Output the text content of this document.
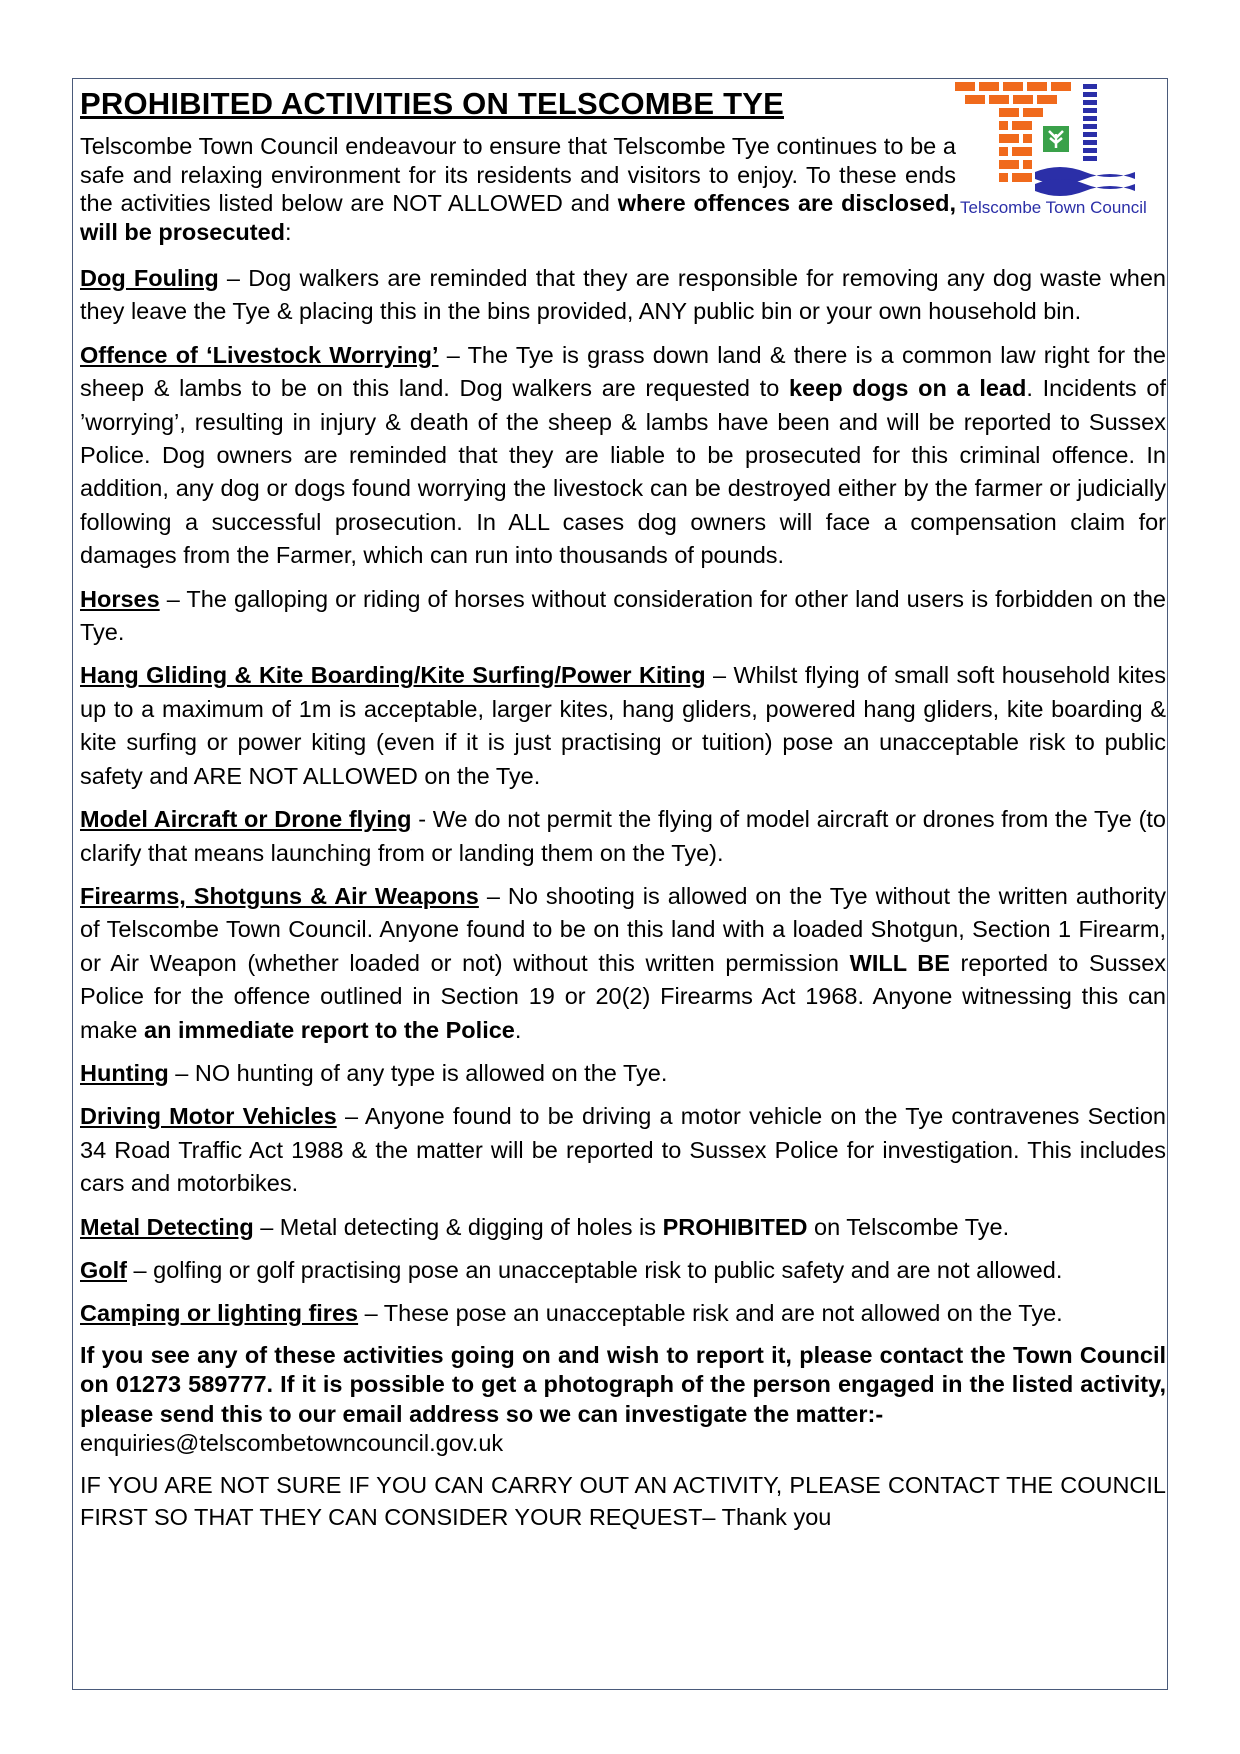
Telscombe Town Council
PROHIBITED ACTIVITIES ON TELSCOMBE TYE

Telscombe Town Council endeavour to ensure that Telscombe Tye continues to be a safe and relaxing environment for its residents and visitors to enjoy. To these ends the activities listed below are NOT ALLOWED and where offences are disclosed, will be prosecuted:

Dog Fouling – Dog walkers are reminded that they are responsible for removing any dog waste when they leave the Tye & placing this in the bins provided, ANY public bin or your own household bin.

Offence of ‘Livestock Worrying’ – The Tye is grass down land & there is a common law right for the sheep & lambs to be on this land. Dog walkers are requested to keep dogs on a lead. Incidents of ’worrying’, resulting in injury & death of the sheep & lambs have been and will be reported to Sussex Police. Dog owners are reminded that they are liable to be prosecuted for this criminal offence. In addition, any dog or dogs found worrying the livestock can be destroyed either by the farmer or judicially following a successful prosecution. In ALL cases dog owners will face a compensation claim for damages from the Farmer, which can run into thousands of pounds.

Horses – The galloping or riding of horses without consideration for other land users is forbidden on the Tye.

Hang Gliding & Kite Boarding/Kite Surfing/Power Kiting – Whilst flying of small soft household kites up to a maximum of 1m is acceptable, larger kites, hang gliders, powered hang gliders, kite boarding & kite surfing or power kiting (even if it is just practising or tuition) pose an unacceptable risk to public safety and ARE NOT ALLOWED on the Tye.

Model Aircraft or Drone flying - We do not permit the flying of model aircraft or drones from the Tye (to clarify that means launching from or landing them on the Tye).

Firearms, Shotguns & Air Weapons – No shooting is allowed on the Tye without the written authority of Telscombe Town Council. Anyone found to be on this land with a loaded Shotgun, Section 1 Firearm, or Air Weapon (whether loaded or not) without this written permission WILL BE reported to Sussex Police for the offence outlined in Section 19 or 20(2) Firearms Act 1968. Anyone witnessing this can make an immediate report to the Police.

Hunting – NO hunting of any type is allowed on the Tye.

Driving Motor Vehicles – Anyone found to be driving a motor vehicle on the Tye contravenes Section 34 Road Traffic Act 1988 & the matter will be reported to Sussex Police for investigation. This includes cars and motorbikes.

Metal Detecting – Metal detecting & digging of holes is PROHIBITED on Telscombe Tye.

Golf – golfing or golf practising pose an unacceptable risk to public safety and are not allowed.

Camping or lighting fires – These pose an unacceptable risk and are not allowed on the Tye.

If you see any of these activities going on and wish to report it, please contact the Town Council on 01273 589777. If it is possible to get a photograph of the person engaged in the listed activity, please send this to our email address so we can investigate the matter:-
enquiries@telscombetowncouncil.gov.uk

IF YOU ARE NOT SURE IF YOU CAN CARRY OUT AN ACTIVITY, PLEASE CONTACT THE COUNCIL FIRST SO THAT THEY CAN CONSIDER YOUR REQUEST– Thank you
